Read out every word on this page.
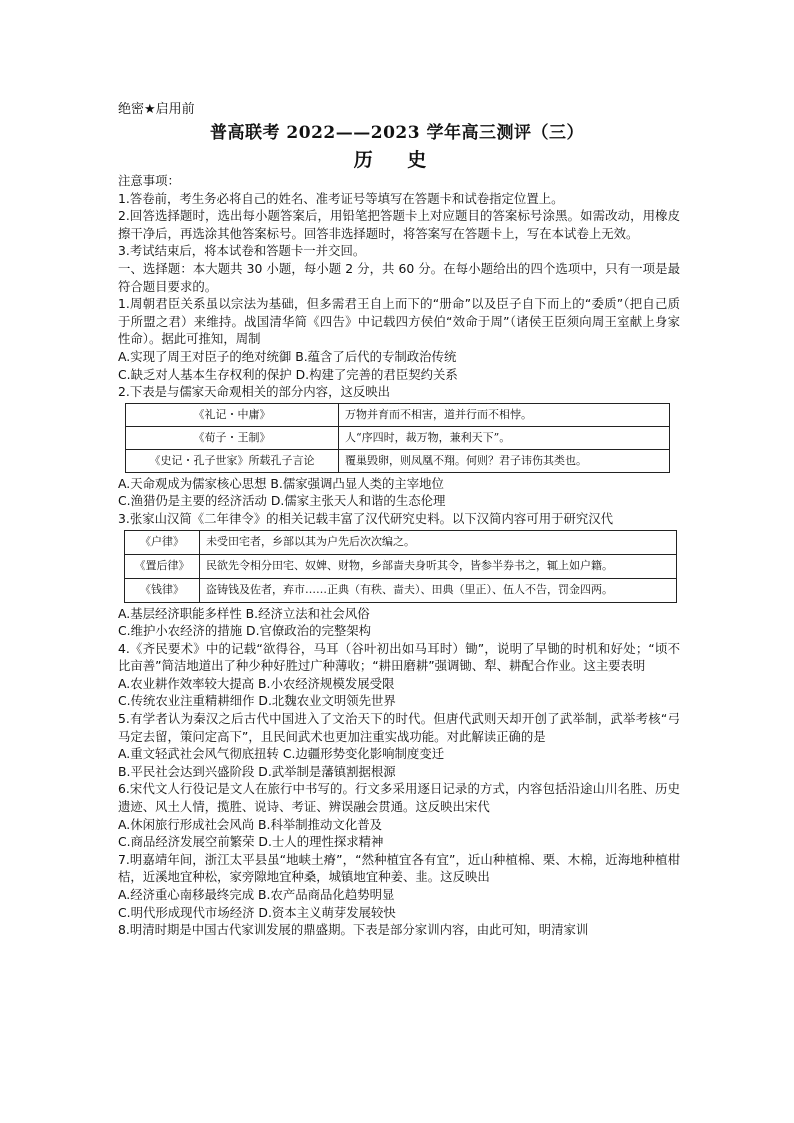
绝密★启用前
普高联考 2022——2023 学年高三测评（三）
历 史

注意事项：

1.答卷前，考生务必将自己的姓名、准考证号等填写在答题卡和试卷指定位置上。

2.回答选择题时，选出每小题答案后，用铅笔把答题卡上对应题目的答案标号涂黑。如需改动，用橡皮擦干净后，再选涂其他答案标号。回答非选择题时，将答案写在答题卡上，写在本试卷上无效。

3.考试结束后，将本试卷和答题卡一并交回。

一、选择题：本大题共 30 小题，每小题 2 分，共 60 分。在每小题给出的四个选项中，只有一项是最符合题目要求的。

1.周朝君臣关系虽以宗法为基础，但多需君王自上而下的“册命”以及臣子自下而上的“委质”（把自己质于所盟之君）来维持。战国清华简《四告》中记载四方侯伯“效命于周”（诸侯王臣须向周王室献上身家性命）。据此可推知，周制

A.实现了周王对臣子的绝对统御 B.蕴含了后代的专制政治传统

C.缺乏对人基本生存权利的保护 D.构建了完善的君臣契约关系

2.下表是与儒家天命观相关的部分内容，这反映出

《礼记・中庸》	万物并育而不相害，道并行而不相悖。
《荀子・王制》	人“序四时，裁万物，兼利天下”。
《史记・孔子世家》所载孔子言论	覆巢毁卵，则凤凰不翔。何则？君子讳伤其类也。

A.天命观成为儒家核心思想 B.儒家强调凸显人类的主宰地位

C.渔猎仍是主要的经济活动 D.儒家主张天人和谐的生态伦理

3.张家山汉简《二年律令》的相关记载丰富了汉代研究史料。以下汉简内容可用于研究汉代

《户律》	未受田宅者，乡部以其为户先后次次编之。
《置后律》	民欲先令相分田宅、奴婢、财物，乡部啬夫身听其令，皆参半券书之，辄上如户籍。
《钱律》	盗铸钱及佐者，弃市……正典（有秩、啬夫）、田典（里正）、伍人不告，罚金四两。

A.基层经济职能多样性 B.经济立法和社会风俗

C.维护小农经济的措施 D.官僚政治的完整架构

4.《齐民要术》中的记载“欲得谷，马耳（谷叶初出如马耳时）锄”，说明了早锄的时机和好处；“顷不比亩善”简洁地道出了种少种好胜过广种薄收；“耕田磨耕”强调锄、犁、耕配合作业。这主要表明

A.农业耕作效率较大提高 B.小农经济规模发展受限

C.传统农业注重精耕细作 D.北魏农业文明领先世界

5.有学者认为秦汉之后古代中国进入了文治天下的时代。但唐代武则天却开创了武举制，武举考核“弓马定去留，策问定高下”，且民间武术也更加注重实战功能。对此解读正确的是

A.重文轻武社会风气彻底扭转 C.边疆形势变化影响制度变迁

B.平民社会达到兴盛阶段 D.武举制是藩镇割据根源

6.宋代文人行役记是文人在旅行中书写的。行文多采用逐日记录的方式，内容包括沿途山川名胜、历史遗迹、风土人情，揽胜、说诗、考证、辨误融会贯通。这反映出宋代

A.休闲旅行形成社会风尚 B.科举制推动文化普及

C.商品经济发展空前繁荣 D.士人的理性探求精神

7.明嘉靖年间，浙江太平县虽“地峡土瘠”，“然种植宜各有宜”，近山种植棉、栗、木棉，近海地种植柑桔，近溪地宜种松，家旁隙地宜种桑，城镇地宜种姜、韭。这反映出

A.经济重心南移最终完成 B.农产品商品化趋势明显

C.明代形成现代市场经济 D.资本主义萌芽发展较快

8.明清时期是中国古代家训发展的鼎盛期。下表是部分家训内容，由此可知，明清家训
